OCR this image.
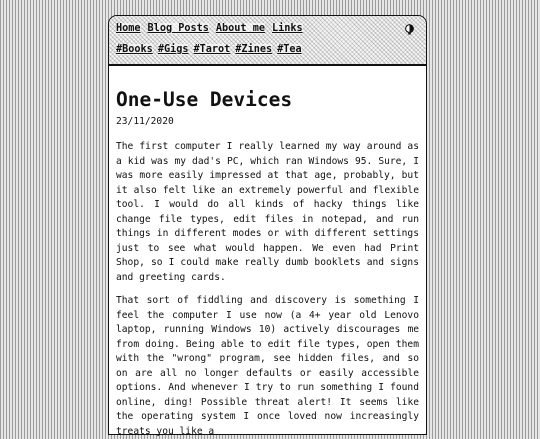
Home Blog Posts About me Links
#Books #Gigs #Tarot #Zines #Tea
One-Use Devices
23/11/2020

The first computer I really learned my way around as a kid was my dad's PC, which ran Windows 95. Sure, I was more easily impressed at that age, probably, but it also felt like an extremely powerful and flexible tool. I would do all kinds of hacky things like change file types, edit files in notepad, and run things in different modes or with different settings just to see what would happen. We even had Print Shop, so I could make really dumb booklets and signs and greeting cards.

That sort of fiddling and discovery is something I feel the computer I use now (a 4+ year old Lenovo laptop, running Windows 10) actively discourages me from doing. Being able to edit file types, open them with the "wrong" program, see hidden files, and so on are all no longer defaults or easily accessible options. And whenever I try to run something I found online, ding! Possible threat alert! It seems like the operating system I once loved now increasingly treats you like a
